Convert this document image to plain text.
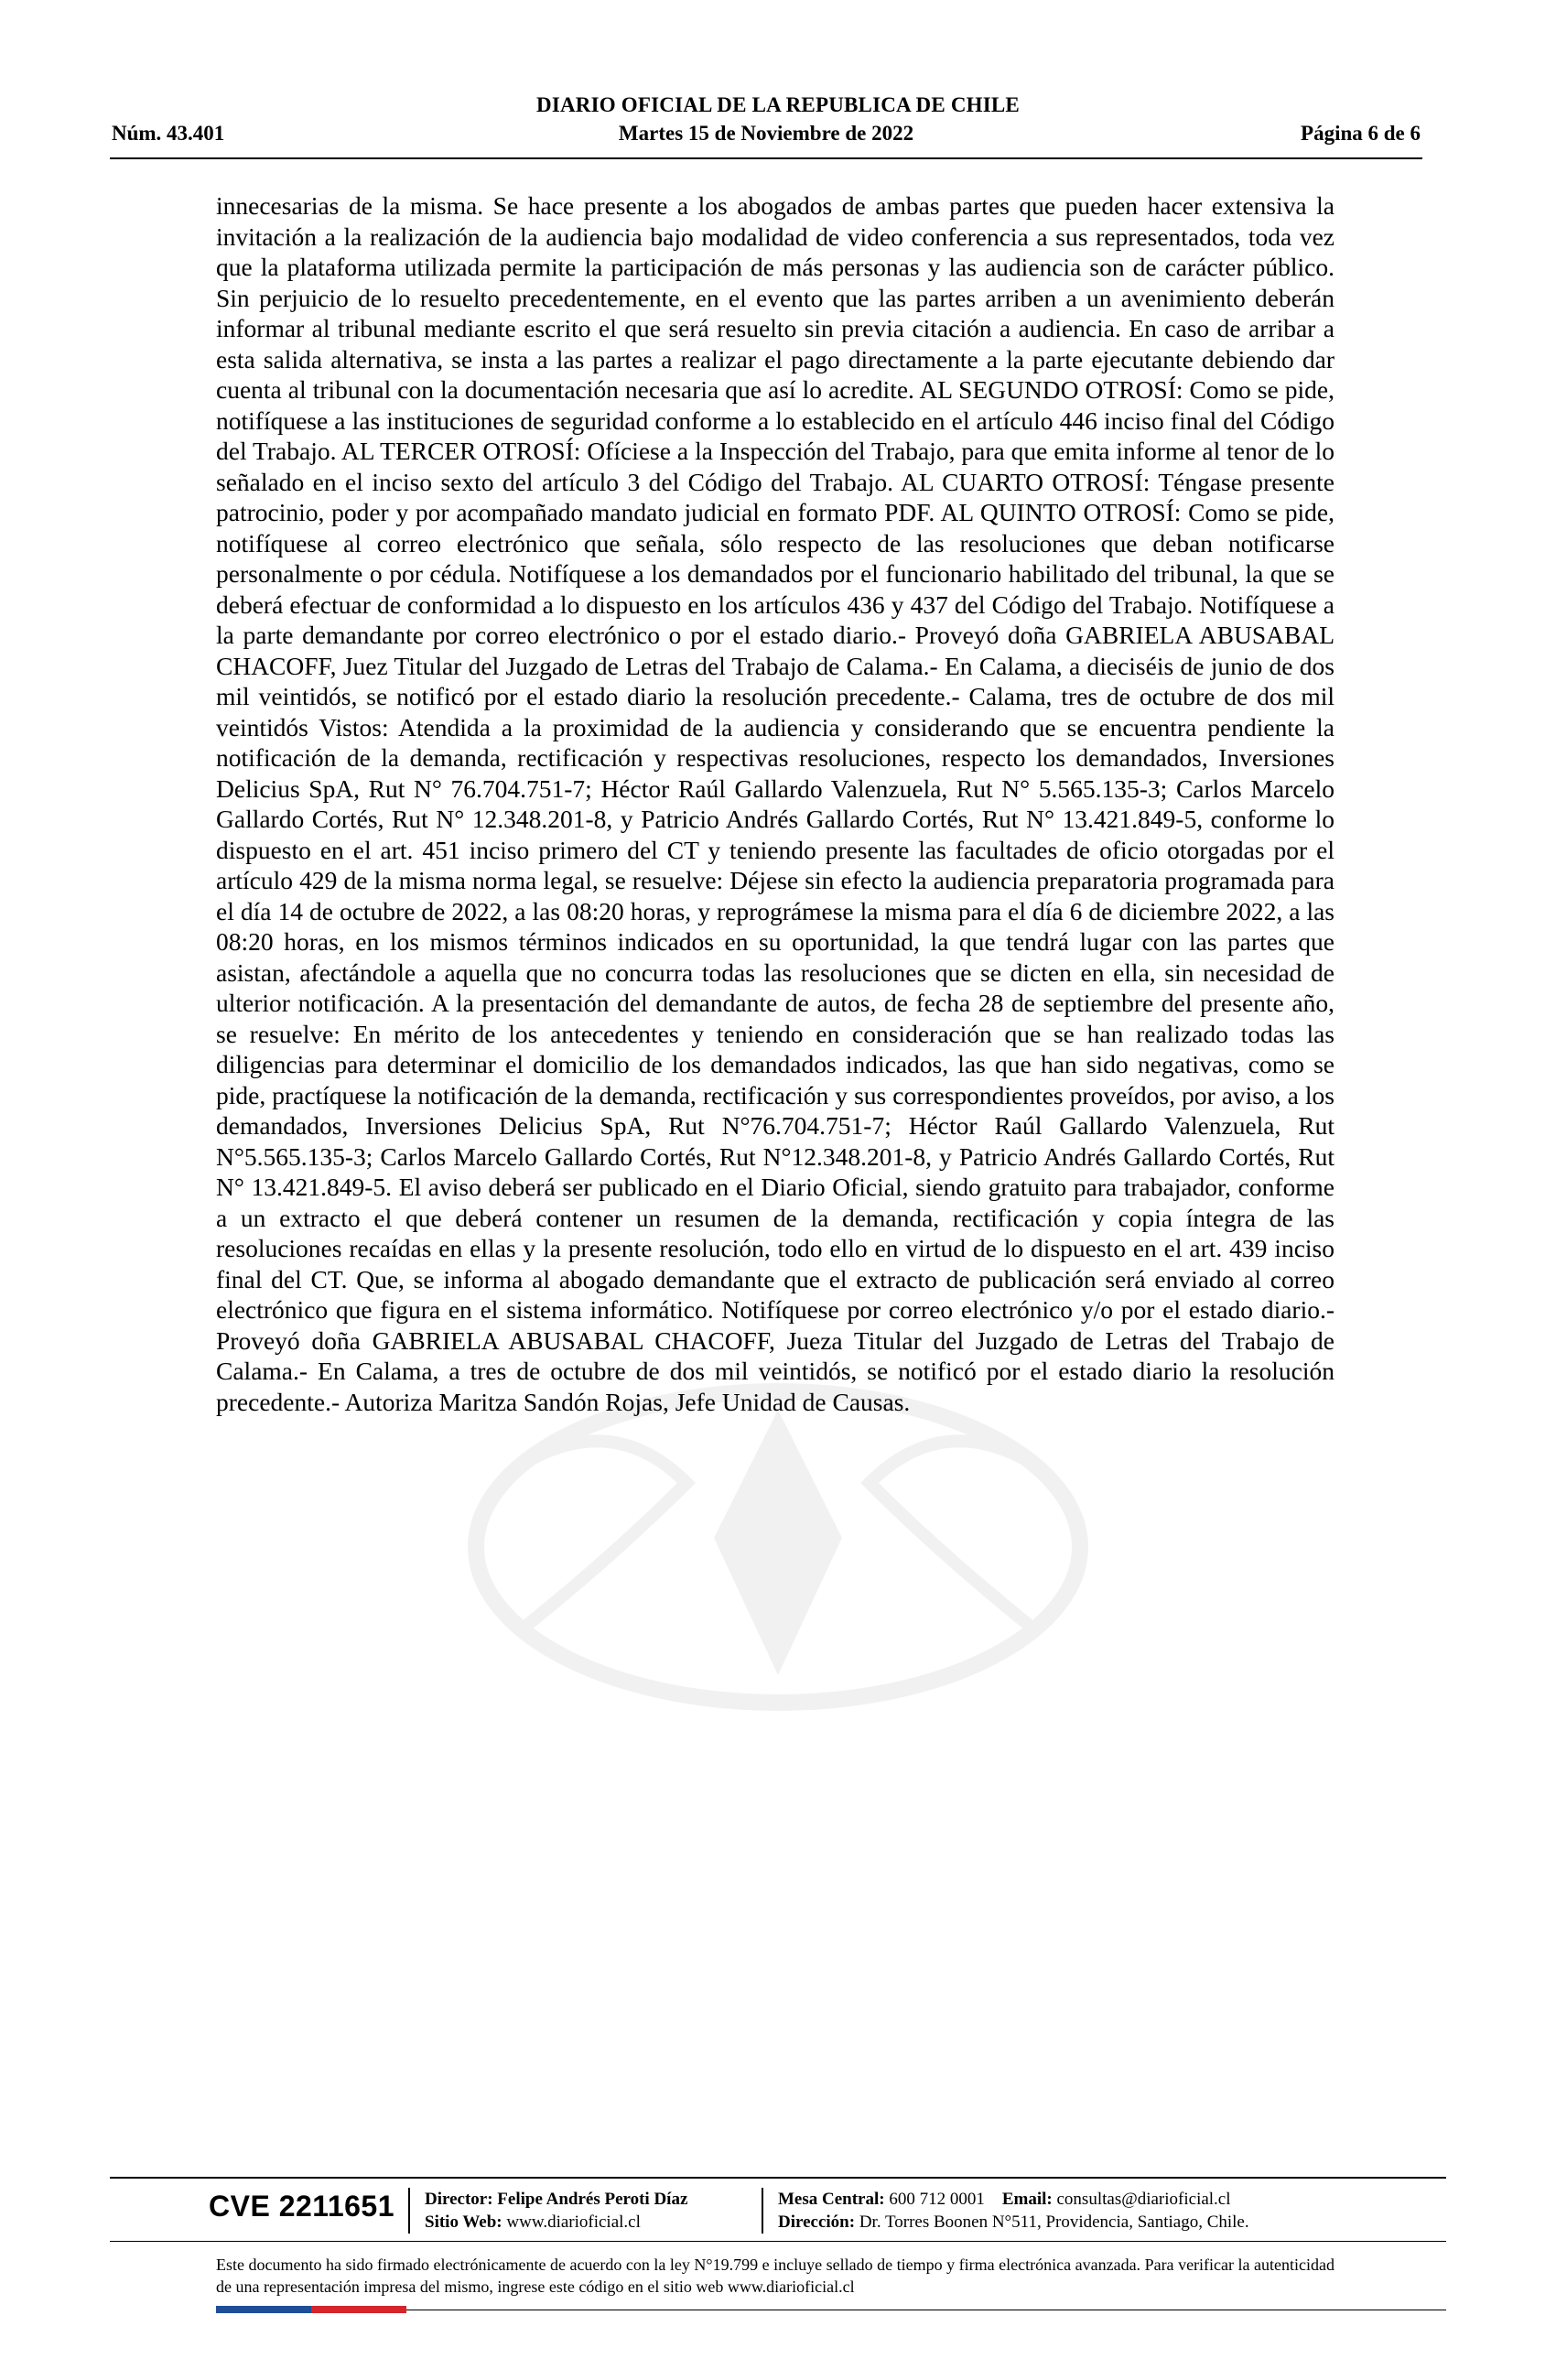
DIARIO OFICIAL DE LA REPUBLICA DE CHILE
Núm. 43.401	Martes 15 de Noviembre de 2022	Página 6 de 6

innecesarias de la misma. Se hace presente a los abogados de ambas partes que pueden hacer extensiva la invitación a la realización de la audiencia bajo modalidad de video conferencia a sus representados, toda vez que la plataforma utilizada permite la participación de más personas y las audiencia son de carácter público. Sin perjuicio de lo resuelto precedentemente, en el evento que las partes arriben a un avenimiento deberán informar al tribunal mediante escrito el que será resuelto sin previa citación a audiencia. En caso de arribar a esta salida alternativa, se insta a las partes a realizar el pago directamente a la parte ejecutante debiendo dar cuenta al tribunal con la documentación necesaria que así lo acredite. AL SEGUNDO OTROSÍ: Como se pide, notifíquese a las instituciones de seguridad conforme a lo establecido en el artículo 446 inciso final del Código del Trabajo. AL TERCER OTROSÍ: Ofíciese a la Inspección del Trabajo, para que emita informe al tenor de lo señalado en el inciso sexto del artículo 3 del Código del Trabajo. AL CUARTO OTROSÍ: Téngase presente patrocinio, poder y por acompañado mandato judicial en formato PDF. AL QUINTO OTROSÍ: Como se pide, notifíquese al correo electrónico que señala, sólo respecto de las resoluciones que deban notificarse personalmente o por cédula. Notifíquese a los demandados por el funcionario habilitado del tribunal, la que se deberá efectuar de conformidad a lo dispuesto en los artículos 436 y 437 del Código del Trabajo. Notifíquese a la parte demandante por correo electrónico o por el estado diario.- Proveyó doña GABRIELA ABUSABAL CHACOFF, Juez Titular del Juzgado de Letras del Trabajo de Calama.- En Calama, a dieciséis de junio de dos mil veintidós, se notificó por el estado diario la resolución precedente.- Calama, tres de octubre de dos mil veintidós Vistos: Atendida a la proximidad de la audiencia y considerando que se encuentra pendiente la notificación de la demanda, rectificación y respectivas resoluciones, respecto los demandados, Inversiones Delicius SpA, Rut N° 76.704.751-7; Héctor Raúl Gallardo Valenzuela, Rut N° 5.565.135-3; Carlos Marcelo Gallardo Cortés, Rut N° 12.348.201-8, y Patricio Andrés Gallardo Cortés, Rut N° 13.421.849-5, conforme lo dispuesto en el art. 451 inciso primero del CT y teniendo presente las facultades de oficio otorgadas por el artículo 429 de la misma norma legal, se resuelve: Déjese sin efecto la audiencia preparatoria programada para el día 14 de octubre de 2022, a las 08:20 horas, y reprográmese la misma para el día 6 de diciembre 2022, a las 08:20 horas, en los mismos términos indicados en su oportunidad, la que tendrá lugar con las partes que asistan, afectándole a aquella que no concurra todas las resoluciones que se dicten en ella, sin necesidad de ulterior notificación. A la presentación del demandante de autos, de fecha 28 de septiembre del presente año, se resuelve: En mérito de los antecedentes y teniendo en consideración que se han realizado todas las diligencias para determinar el domicilio de los demandados indicados, las que han sido negativas, como se pide, practíquese la notificación de la demanda, rectificación y sus correspondientes proveídos, por aviso, a los demandados, Inversiones Delicius SpA, Rut N°76.704.751-7; Héctor Raúl Gallardo Valenzuela, Rut N°5.565.135-3; Carlos Marcelo Gallardo Cortés, Rut N°12.348.201-8, y Patricio Andrés Gallardo Cortés, Rut N° 13.421.849-5. El aviso deberá ser publicado en el Diario Oficial, siendo gratuito para trabajador, conforme a un extracto el que deberá contener un resumen de la demanda, rectificación y copia íntegra de las resoluciones recaídas en ellas y la presente resolución, todo ello en virtud de lo dispuesto en el art. 439 inciso final del CT. Que, se informa al abogado demandante que el extracto de publicación será enviado al correo electrónico que figura en el sistema informático. Notifíquese por correo electrónico y/o por el estado diario.- Proveyó doña GABRIELA ABUSABAL CHACOFF, Jueza Titular del Juzgado de Letras del Trabajo de Calama.- En Calama, a tres de octubre de dos mil veintidós, se notificó por el estado diario la resolución precedente.- Autoriza Maritza Sandón Rojas, Jefe Unidad de Causas.

CVE 2211651 Director: Felipe Andrés Peroti Díaz
Sitio Web: www.diarioficial.cl
Mesa Central: 600 712 0001 Email: consultas@diarioficial.cl
Dirección: Dr. Torres Boonen N°511, Providencia, Santiago, Chile.
Este documento ha sido firmado electrónicamente de acuerdo con la ley N°19.799 e incluye sellado de tiempo y firma electrónica avanzada. Para verificar la autenticidad de una representación impresa del mismo, ingrese este código en el sitio web www.diarioficial.cl
